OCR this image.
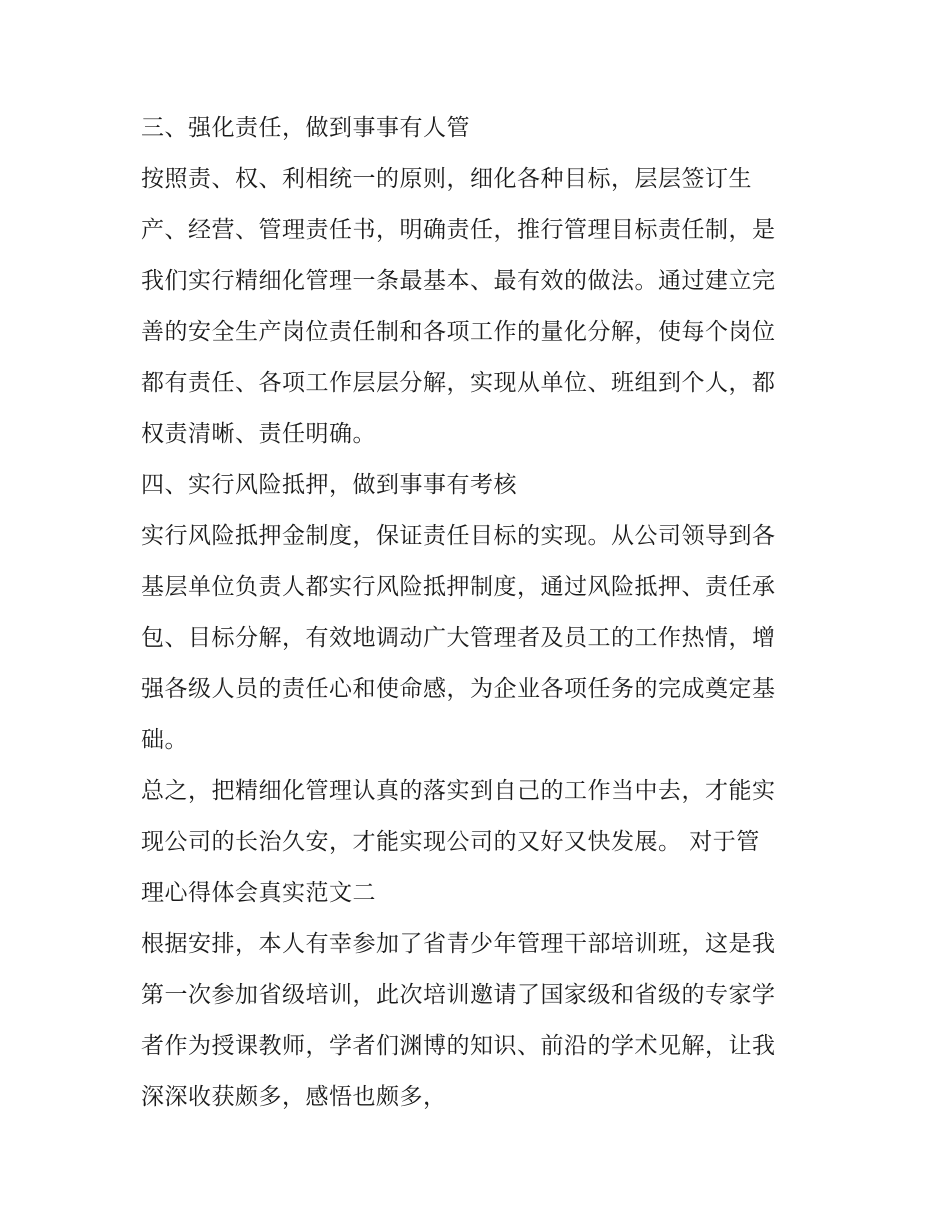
三、强化责任，做到事事有人管
按照责、权、利相统一的原则，细化各种目标，层层签订生
产、经营、管理责任书，明确责任，推行管理目标责任制，是
我们实行精细化管理一条最基本、最有效的做法。通过建立完
善的安全生产岗位责任制和各项工作的量化分解，使每个岗位
都有责任、各项工作层层分解，实现从单位、班组到个人，都
权责清晰、责任明确。
四、实行风险抵押，做到事事有考核
实行风险抵押金制度，保证责任目标的实现。从公司领导到各
基层单位负责人都实行风险抵押制度，通过风险抵押、责任承
包、目标分解，有效地调动广大管理者及员工的工作热情，增
强各级人员的责任心和使命感，为企业各项任务的完成奠定基
础。
总之，把精细化管理认真的落实到自己的工作当中去，才能实
现公司的长治久安，才能实现公司的又好又快发展。 对于管
理心得体会真实范文二
根据安排，本人有幸参加了省青少年管理干部培训班，这是我
第一次参加省级培训，此次培训邀请了国家级和省级的专家学
者作为授课教师，学者们渊博的知识、前沿的学术见解，让我
深深收获颇多，感悟也颇多，
